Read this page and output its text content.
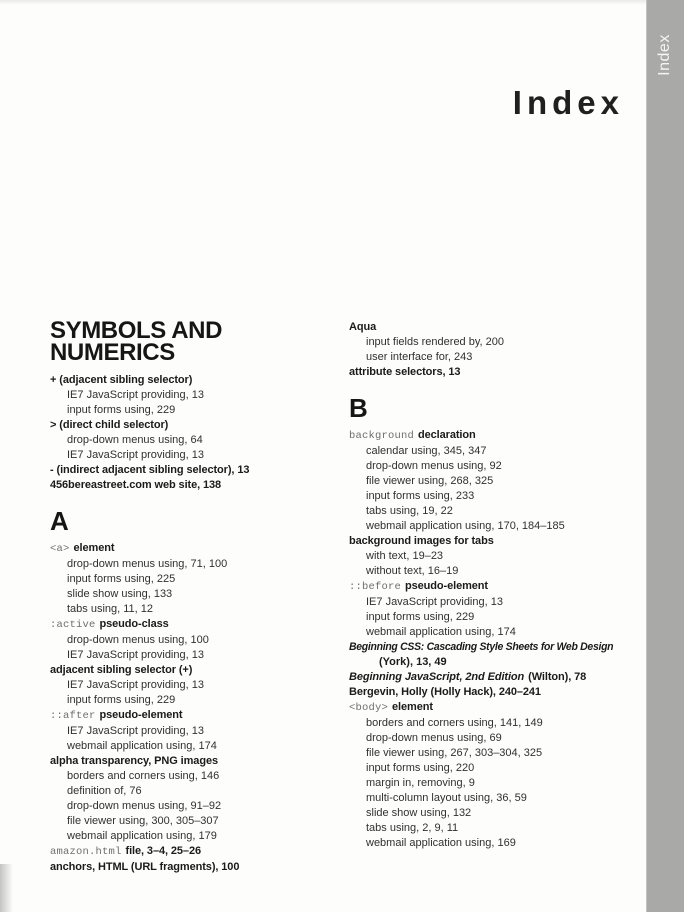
Index
Index
SYMBOLS AND
NUMERICS
+ (adjacent sibling selector)
IE7 JavaScript providing, 13
input forms using, 229
> (direct child selector)
drop-down menus using, 64
IE7 JavaScript providing, 13
- (indirect adjacent sibling selector), 13
456bereastreet.com web site, 138
A
<a> element
drop-down menus using, 71, 100
input forms using, 225
slide show using, 133
tabs using, 11, 12
:active pseudo-class
drop-down menus using, 100
IE7 JavaScript providing, 13
adjacent sibling selector (+)
IE7 JavaScript providing, 13
input forms using, 229
::after pseudo-element
IE7 JavaScript providing, 13
webmail application using, 174
alpha transparency, PNG images
borders and corners using, 146
definition of, 76
drop-down menus using, 91–92
file viewer using, 300, 305–307
webmail application using, 179
amazon.html file, 3–4, 25–26
anchors, HTML (URL fragments), 100
Aqua
input fields rendered by, 200
user interface for, 243
attribute selectors, 13
B
background declaration
calendar using, 345, 347
drop-down menus using, 92
file viewer using, 268, 325
input forms using, 233
tabs using, 19, 22
webmail application using, 170, 184–185
background images for tabs
with text, 19–23
without text, 16–19
::before pseudo-element
IE7 JavaScript providing, 13
input forms using, 229
webmail application using, 174
Beginning CSS: Cascading Style Sheets for Web Design
(York), 13, 49
Beginning JavaScript, 2nd Edition (Wilton), 78
Bergevin, Holly (Holly Hack), 240–241
<body> element
borders and corners using, 141, 149
drop-down menus using, 69
file viewer using, 267, 303–304, 325
input forms using, 220
margin in, removing, 9
multi-column layout using, 36, 59
slide show using, 132
tabs using, 2, 9, 11
webmail application using, 169
